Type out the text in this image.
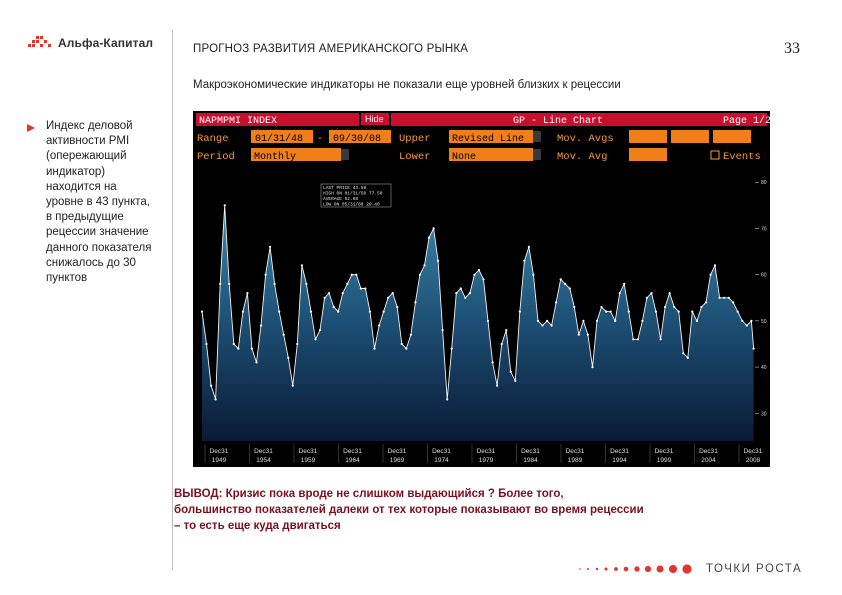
Альфа-Капитал	ПРОГНОЗ РАЗВИТИЯ АМЕРИКАНСКОГО РЫНКА	33
Макроэкономические индикаторы не показали еще уровней близких к рецессии
Индекс деловой активности PMI (опережающий индикатор) находится на уровне в 43 пункта, в предыдущие рецессии значение данного показателя снижалось до 30 пунктов
NAPMPMI INDEX	Hide	GP - Line Chart	Page 1/22
Range	01/31/48 - 09/30/08 Upper Revised Line	Mov. Avgs
Period Monthly	Lower None	Mov. Avg	Events
80
70
60
50
40
30
Dec31
1949
Dec31
1954
Dec31
1959
Dec31
1964
Dec31
1969
Dec31
1974
Dec31
1979
Dec31
1984
Dec31
1989
Dec31
1994
Dec31
1999
Dec31
2004
Dec31
2008
LAST PRICE 43.50
HIGH ON 01/31/50 77.50
AVERAGE 52.68
LOW ON 05/31/80 29.40
ВЫВОД: Кризис пока вроде не слишком выдающийся ? Более того, большинство показателей далеки от тех которые показывают во время рецессии – то есть еще куда двигаться
ТОЧКИ РОСТА
